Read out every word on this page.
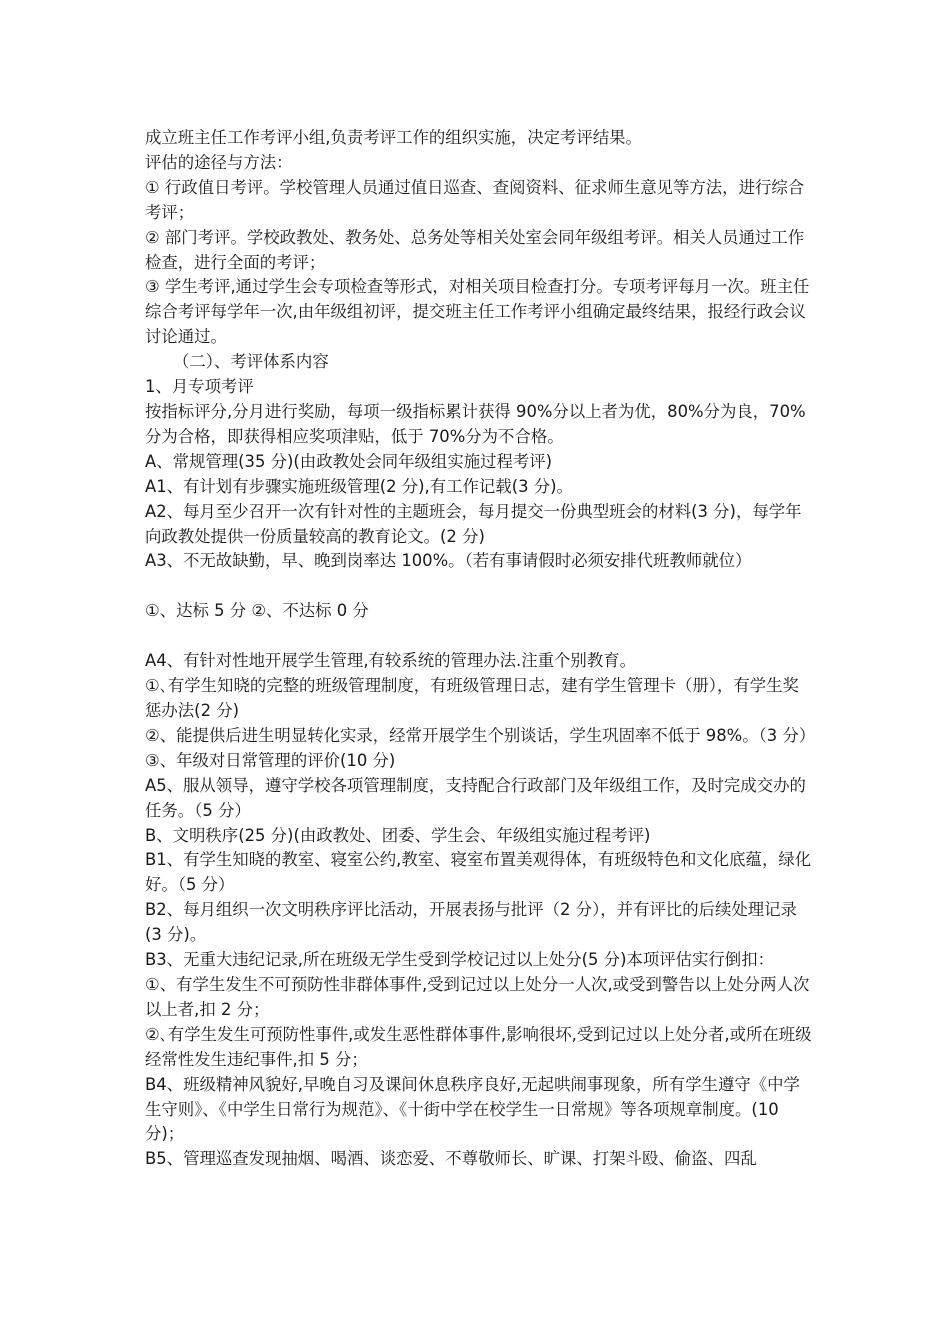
成立班主任工作考评小组,负责考评工作的组织实施，决定考评结果。

评估的途径与方法：

① 行政值日考评。学校管理人员通过值日巡查、查阅资料、征求师生意见等方法，进行综合考评；

② 部门考评。学校政教处、教务处、总务处等相关处室会同年级组考评。相关人员通过工作检查，进行全面的考评；

③ 学生考评,通过学生会专项检查等形式，对相关项目检查打分。专项考评每月一次。班主任综合考评每学年一次,由年级组初评，提交班主任工作考评小组确定最终结果，报经行政会议讨论通过。

（二）、考评体系内容

1、月专项考评

按指标评分,分月进行奖励，每项一级指标累计获得 90%分以上者为优，80%分为良，70%分为合格，即获得相应奖项津贴，低于 70%分为不合格。

A、常规管理(35 分)(由政教处会同年级组实施过程考评)

A1、有计划有步骤实施班级管理(2 分),有工作记载(3 分)。

A2、每月至少召开一次有针对性的主题班会，每月提交一份典型班会的材料(3 分)，每学年向政教处提供一份质量较高的教育论文。(2 分)

A3、不无故缺勤，早、晚到岗率达 100%。（若有事请假时必须安排代班教师就位）

①、达标 5 分 ②、不达标 0 分

A4、有针对性地开展学生管理,有较系统的管理办法.注重个别教育。

①､有学生知晓的完整的班级管理制度，有班级管理日志，建有学生管理卡（册），有学生奖惩办法(2 分)

②、能提供后进生明显转化实录，经常开展学生个别谈话，学生巩固率不低于 98%。（3 分）

③、年级对日常管理的评价(10 分)

A5、服从领导，遵守学校各项管理制度，支持配合行政部门及年级组工作，及时完成交办的任务。（5 分）

B、文明秩序(25 分)(由政教处、团委、学生会、年级组实施过程考评)

B1、有学生知晓的教室、寝室公约,教室、寝室布置美观得体，有班级特色和文化底蕴，绿化好。（5 分）

B2、每月组织一次文明秩序评比活动，开展表扬与批评（2 分），并有评比的后续处理记录(3 分)。

B3、无重大违纪记录,所在班级无学生受到学校记过以上处分(5 分)本项评估实行倒扣：

①、有学生发生不可预防性非群体事件,受到记过以上处分一人次,或受到警告以上处分两人次以上者,扣 2 分；

②､有学生发生可预防性事件,或发生恶性群体事件,影响很坏,受到记过以上处分者,或所在班级经常性发生违纪事件,扣 5 分；

B4、班级精神风貌好,早晚自习及课间休息秩序良好,无起哄闹事现象，所有学生遵守《中学生守则》、《中学生日常行为规范》、《十街中学在校学生一日常规》等各项规章制度。(10 分)；

B5、管理巡查发现抽烟、喝酒、谈恋爱、不尊敬师长、旷课、打架斗殴、偷盗、四乱
